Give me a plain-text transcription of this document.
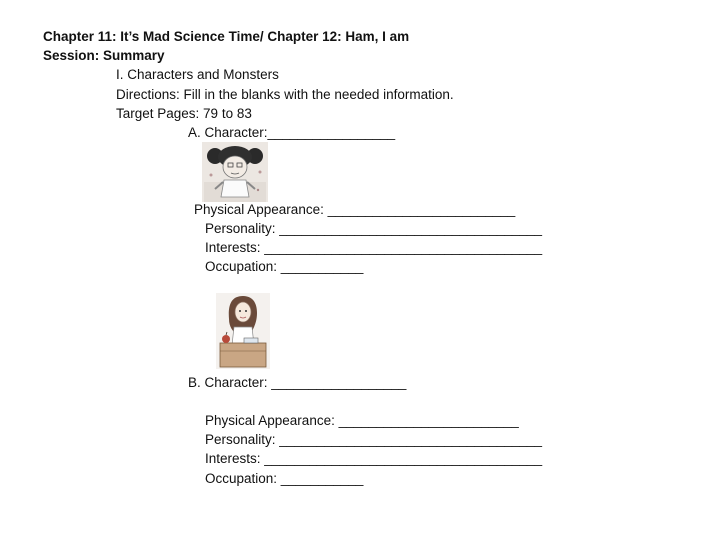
Chapter 11: It’s Mad Science Time/ Chapter 12: Ham, I am
Session: Summary
I. Characters and Monsters
Directions: Fill in the blanks with the needed information.
Target Pages: 79 to 83
A. Character:_________________
Physical Appearance: _________________________
Personality: ___________________________________
Interests: _____________________________________
Occupation: ___________
B. Character: __________________
Physical Appearance: ________________________
Personality: ___________________________________
Interests: _____________________________________
Occupation: ___________
